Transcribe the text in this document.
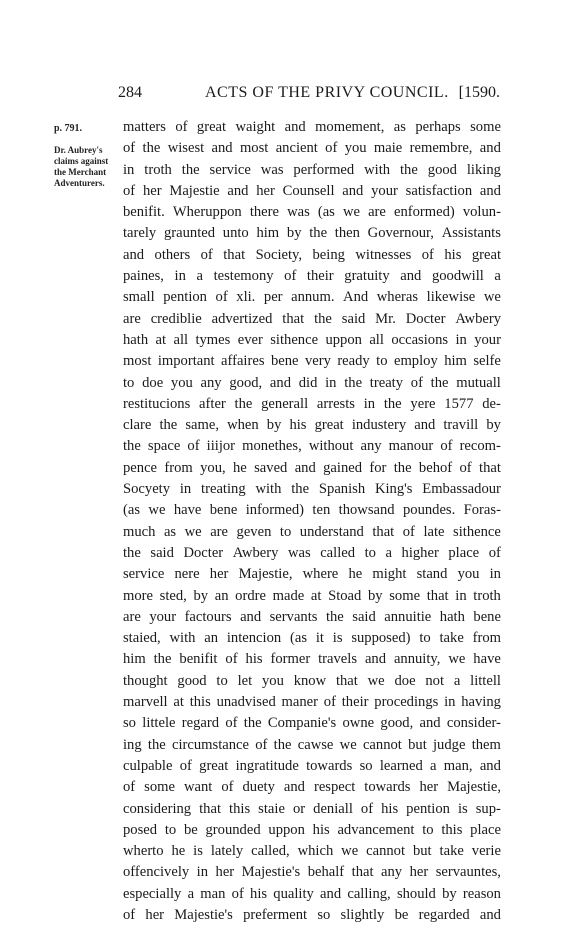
284	ACTS OF THE PRIVY COUNCIL. [1590.
p. 791.
Dr. Aubrey's
claims against
the Merchant
Adventurers.
matters of great waight and momement, as perhaps some
of the wisest and most ancient of you maie remembre, and
in troth the service was performed with the good liking
of her Majestie and her Counsell and your satisfaction and
benifit. Wheruppon there was (as we are enformed) volun-
tarely graunted unto him by the then Governour, Assistants
and others of that Society, being witnesses of his great
paines, in a testemony of their gratuity and goodwill a
small pention of xli. per annum. And wheras likewise we
are crediblie advertized that the said Mr. Docter Awbery
hath at all tymes ever sithence uppon all occasions in your
most important affaires bene very ready to employ him selfe
to doe you any good, and did in the treaty of the mutuall
restitucions after the generall arrests in the yere 1577 de-
clare the same, when by his great industery and travill by
the space of iiijor monethes, without any manour of recom-
pence from you, he saved and gained for the behof of that
Socyety in treating with the Spanish King's Embassadour
(as we have bene informed) ten thowsand poundes. Foras-
much as we are geven to understand that of late sithence
the said Docter Awbery was called to a higher place of
service nere her Majestie, where he might stand you in
more sted, by an ordre made at Stoad by some that in troth
are your factours and servants the said annuitie hath bene
staied, with an intencion (as it is supposed) to take from
him the benifit of his former travels and annuity, we have
thought good to let you know that we doe not a littell
marvell at this unadvised maner of their procedings in having
so littele regard of the Companie's owne good, and consider-
ing the circumstance of the cawse we cannot but judge them
culpable of great ingratitude towards so learned a man, and
of some want of duety and respect towards her Majestie,
considering that this staie or deniall of his pention is sup-
posed to be grounded uppon his advancement to this place
wherto he is lately called, which we cannot but take verie
offencively in her Majestie's behalf that any her servauntes,
especially a man of his quality and calling, should by reason
of her Majestie's preferment so slightly be regarded and
